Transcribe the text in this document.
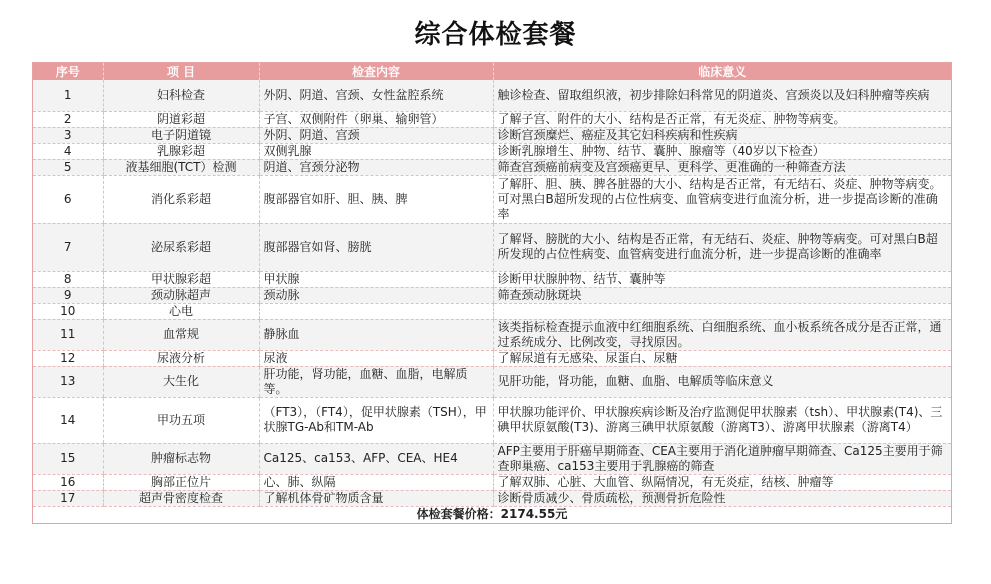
综合体检套餐
序号	项 目	检查内容	临床意义
1	妇科检查	外阴、阴道、宫颈、女性盆腔系统	触诊检查、留取组织液，初步排除妇科常见的阴道炎、宫颈炎以及妇科肿瘤等疾病
2	阴道彩超	子宫、双侧附件（卵巢、输卵管）	了解子宫、附件的大小、结构是否正常，有无炎症、肿物等病变。
3	电子阴道镜	外阴、阴道、宫颈	诊断宫颈糜烂、癌症及其它妇科疾病和性疾病
4	乳腺彩超	双侧乳腺	诊断乳腺增生、肿物、结节、囊肿、腺瘤等（40岁以下检查）
5	液基细胞(TCT）检测	阴道、宫颈分泌物	筛查宫颈癌前病变及宫颈癌更早、更科学、更准确的一种筛查方法
6	消化系彩超	腹部器官如肝、胆、胰、脾	了解肝、胆、胰、脾各脏器的大小、结构是否正常，有无结石、炎症、肿物等病变。可对黑白B超所发现的占位性病变、血管病变进行血流分析，进一步提高诊断的准确率
7	泌尿系彩超	腹部器官如肾、膀胱	了解肾、膀胱的大小、结构是否正常，有无结石、炎症、肿物等病变。可对黑白B超所发现的占位性病变、血管病变进行血流分析，进一步提高诊断的准确率
8	甲状腺彩超	甲状腺	诊断甲状腺肿物、结节、囊肿等
9	颈动脉超声	颈动脉	筛查颈动脉斑块
10	心电		
11	血常规	静脉血	该类指标检查提示血液中红细胞系统、白细胞系统、血小板系统各成分是否正常，通过系统成分、比例改变，寻找原因。
12	尿液分析	尿液	了解尿道有无感染、尿蛋白、尿糖
13	大生化	肝功能，肾功能，血糖、血脂，电解质等。	见肝功能，肾功能，血糖、血脂、电解质等临床意义
14	甲功五项	（FT3），（FT4），促甲状腺素（TSH），甲状腺TG-Ab和TM-Ab	甲状腺功能评价、甲状腺疾病诊断及治疗监测促甲状腺素（tsh）、甲状腺素(T4)、三碘甲状原氨酸(T3)、游离三碘甲状原氨酸（游离T3）、游离甲状腺素（游离T4）
15	肿瘤标志物	Ca125、ca153、AFP、CEA、HE4	AFP主要用于肝癌早期筛查、CEA主要用于消化道肿瘤早期筛查、Ca125主要用于筛查卵巢癌、ca153主要用于乳腺癌的筛查
16	胸部正位片	心、肺、纵隔	了解双肺、心脏、大血管、纵隔情况，有无炎症，结核、肿瘤等
17	超声骨密度检查	了解机体骨矿物质含量	诊断骨质减少、骨质疏松，预测骨折危险性
体检套餐价格：2174.55元			
